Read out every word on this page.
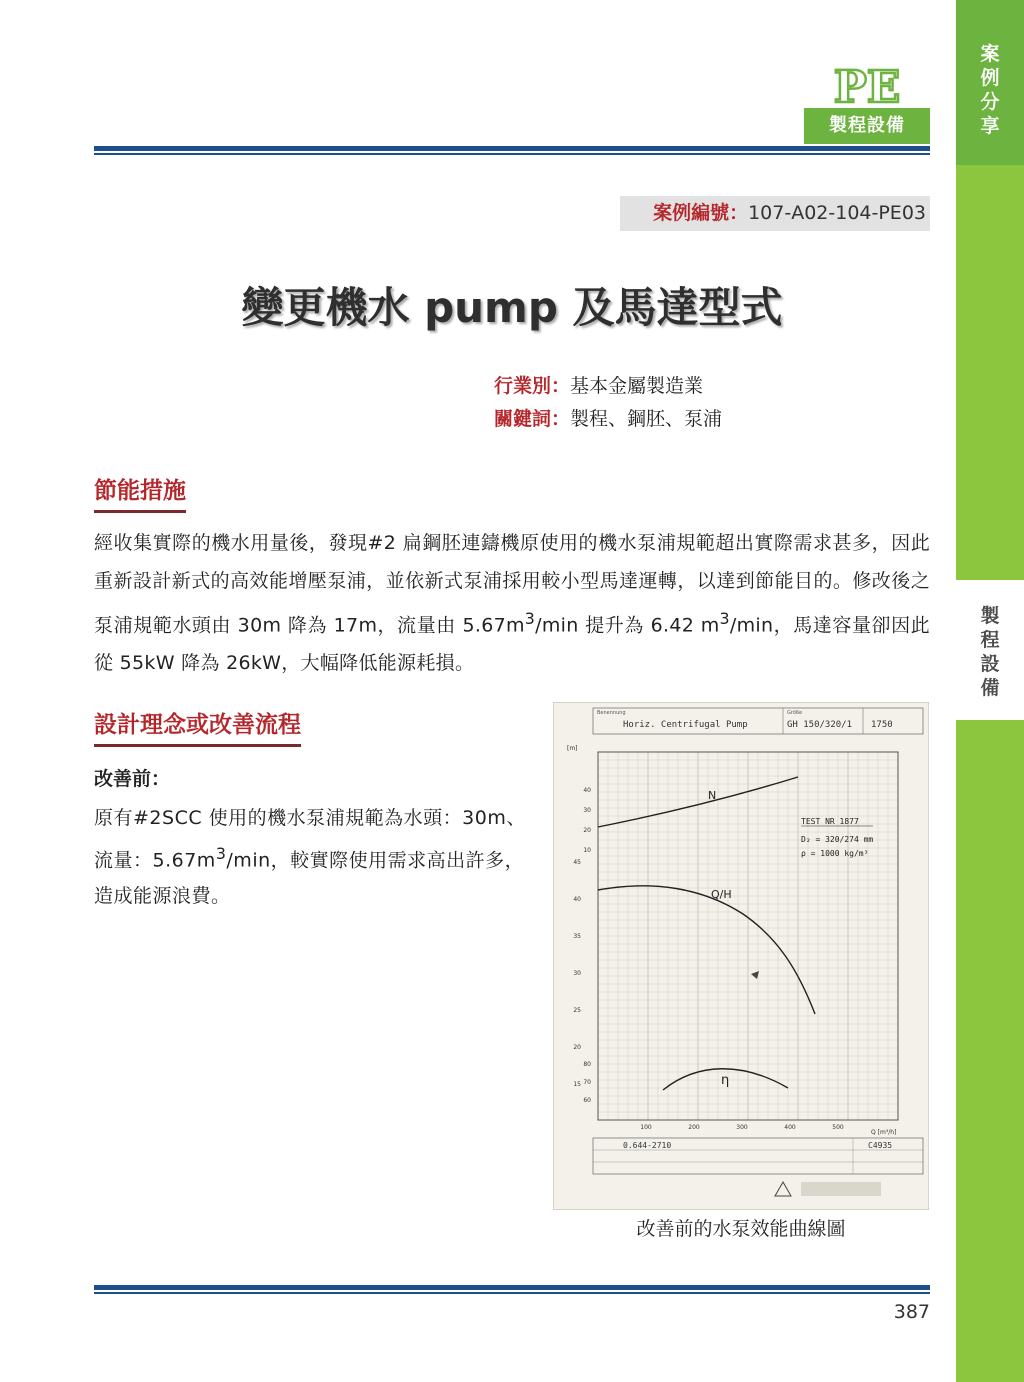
案
例
分
享
製
程
設
備
PE
製程設備
案例編號：107-A02-104-PE03
變更機水 pump 及馬達型式
行業別：基本金屬製造業
關鍵詞：製程、鋼胚、泵浦
節能措施
經收集實際的機水用量後，發現#2 扁鋼胚連鑄機原使用的機水泵浦規範超出實際需求甚多，因此重新設計新式的高效能增壓泵浦，並依新式泵浦採用較小型馬達運轉，以達到節能目的。修改後之泵浦規範水頭由 30m 降為 17m，流量由 $5.67m^3/\min$ 提升為 6.42 $m^3/\min$，馬達容量卻因此從 55kW 降為 26kW，大幅降低能源耗損。
設計理念或改善流程
改善前：
原有#2SCC 使用的機水泵浦規範為水頭：30m、流量：$5.67m^3/\min$，較實際使用需求高出許多，造成能源浪費。
Benennung
Horiz. Centrifugal Pump
Größe
GH 150/320/1 1750
N
Q/H
η
TEST NR 1877
D₂ = 320/274 mm
ρ = 1000 kg/m³
100	200	300	400	500
45
40
35
30
25
20
15
40
30
20
10
80
70
60
Q [m³/h]
[m]
0.644-2710	C4935
改善前的水泵效能曲線圖
387
